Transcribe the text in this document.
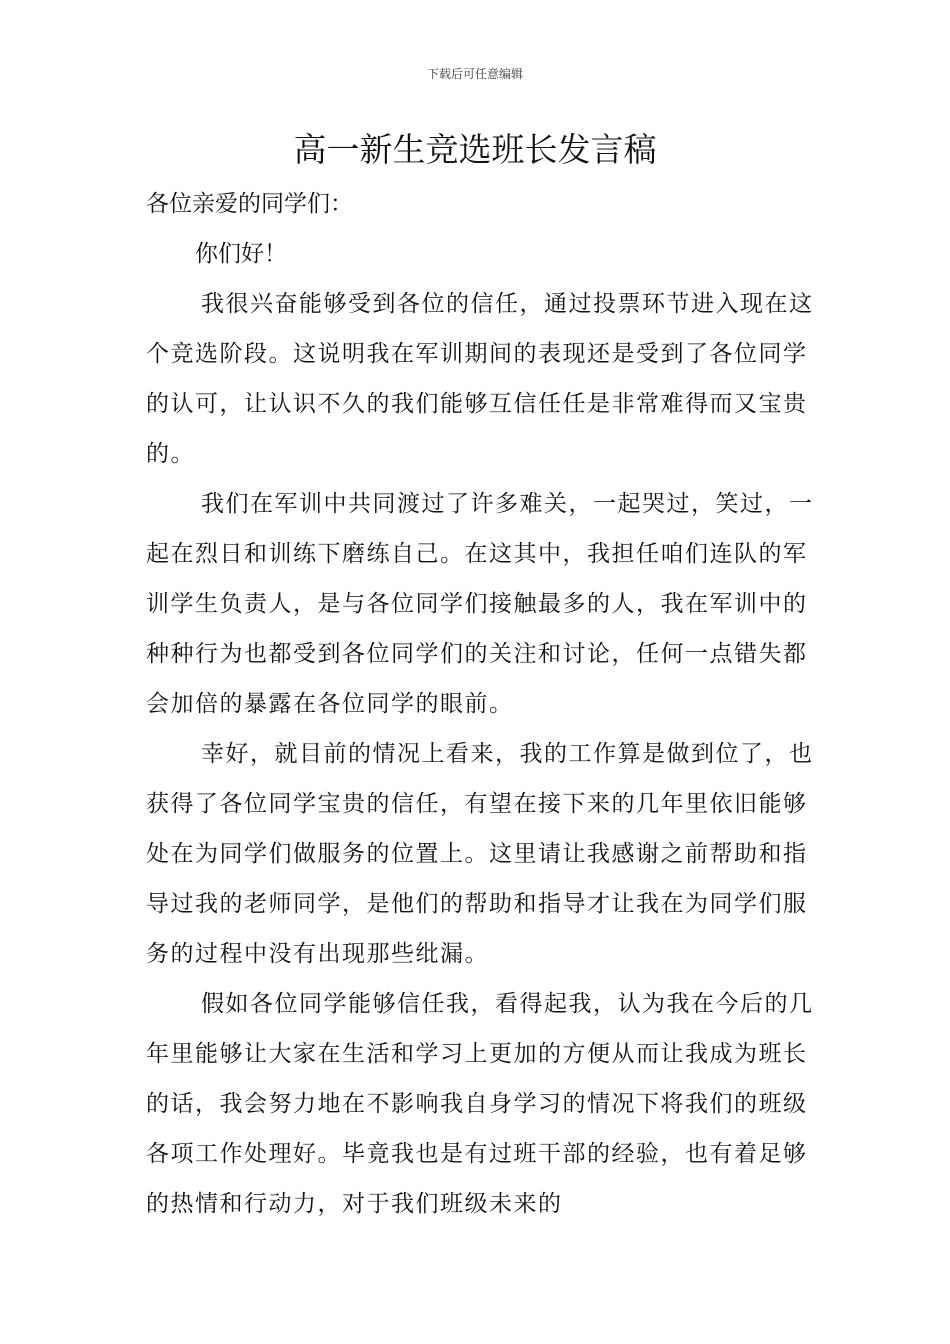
下载后可任意编辑
高一新生竞选班长发言稿

各位亲爱的同学们：

你们好！

我很兴奋能够受到各位的信任，通过投票环节进入现在这个竞选阶段。这说明我在军训期间的表现还是受到了各位同学的认可，让认识不久的我们能够互信任任是非常难得而又宝贵的。

我们在军训中共同渡过了许多难关，一起哭过，笑过，一起在烈日和训练下磨练自己。在这其中，我担任咱们连队的军训学生负责人，是与各位同学们接触最多的人，我在军训中的种种行为也都受到各位同学们的关注和讨论，任何一点错失都会加倍的暴露在各位同学的眼前。

幸好，就目前的情况上看来，我的工作算是做到位了，也获得了各位同学宝贵的信任，有望在接下来的几年里依旧能够处在为同学们做服务的位置上。这里请让我感谢之前帮助和指导过我的老师同学，是他们的帮助和指导才让我在为同学们服务的过程中没有出现那些纰漏。

假如各位同学能够信任我，看得起我，认为我在今后的几年里能够让大家在生活和学习上更加的方便从而让我成为班长的话，我会努力地在不影响我自身学习的情况下将我们的班级各项工作处理好。毕竟我也是有过班干部的经验，也有着足够的热情和行动力，对于我们班级未来的
